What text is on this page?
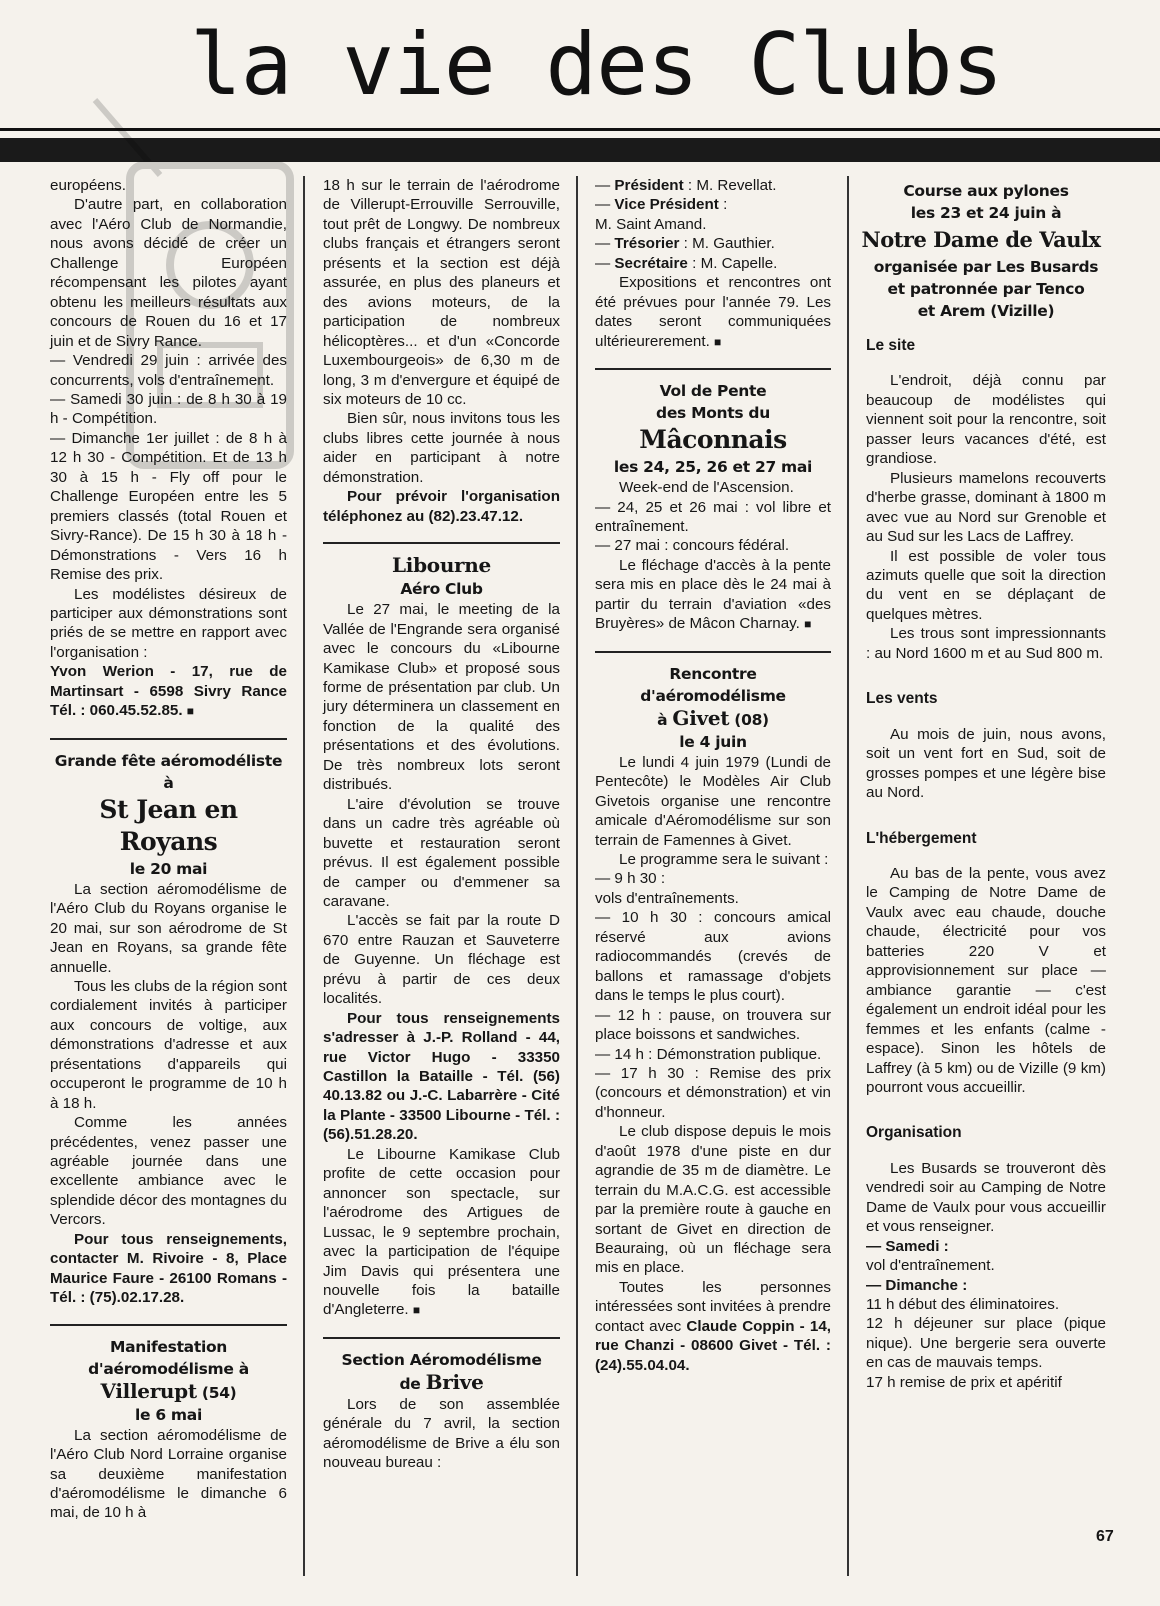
la vie des Clubs

européens.

D'autre part, en collaboration avec l'Aéro Club de Normandie, nous avons décidé de créer un Challenge Européen récompensant les pilotes ayant obtenu les meilleurs résultats aux concours de Rouen du 16 et 17 juin et de Sivry Rance.

— Vendredi 29 juin : arrivée des concurrents, vols d'entraînement.

— Samedi 30 juin : de 8 h 30 à 19 h - Compétition.

— Dimanche 1er juillet : de 8 h à 12 h 30 - Compétition. Et de 13 h 30 à 15 h - Fly off pour le Challenge Européen entre les 5 premiers classés (total Rouen et Sivry-Rance). De 15 h 30 à 18 h - Démonstrations - Vers 16 h Remise des prix.

Les modélistes désireux de participer aux démonstrations sont priés de se mettre en rapport avec l'organisation :

Yvon Werion - 17, rue de Martinsart - 6598 Sivry Rance Tél. : 060.45.52.85. ■

Grande fête aéromodéliste à
St Jean en Royans
le 20 mai

La section aéromodélisme de l'Aéro Club du Royans organise le 20 mai, sur son aérodrome de St Jean en Royans, sa grande fête annuelle.

Tous les clubs de la région sont cordialement invités à participer aux concours de voltige, aux démonstrations d'adresse et aux présentations d'appareils qui occuperont le programme de 10 h à 18 h.

Comme les années précédentes, venez passer une agréable journée dans une excellente ambiance avec le splendide décor des montagnes du Vercors.

Pour tous renseignements, contacter M. Rivoire - 8, Place Maurice Faure - 26100 Romans - Tél. : (75).02.17.28.

Manifestation
d'aéromodélisme à
Villerupt (54)
le 6 mai

La section aéromodélisme de l'Aéro Club Nord Lorraine organise sa deuxième manifestation d'aéromodélisme le dimanche 6 mai, de 10 h à

18 h sur le terrain de l'aérodrome de Villerupt-Errouville Serrouville, tout prêt de Longwy. De nombreux clubs français et étrangers seront présents et la section est déjà assurée, en plus des planeurs et des avions moteurs, de la participation de nombreux hélicoptères... et d'un «Concorde Luxembourgeois» de 6,30 m de long, 3 m d'envergure et équipé de six moteurs de 10 cc.

Bien sûr, nous invitons tous les clubs libres cette journée à nous aider en participant à notre démonstration.

Pour prévoir l'organisation téléphonez au (82).23.47.12.

Libourne
Aéro Club

Le 27 mai, le meeting de la Vallée de l'Engrande sera organisé avec le concours du «Libourne Kamikase Club» et proposé sous forme de présentation par club. Un jury déterminera un classement en fonction de la qualité des présentations et des évolutions. De très nombreux lots seront distribués.

L'aire d'évolution se trouve dans un cadre très agréable où buvette et restauration seront prévus. Il est également possible de camper ou d'emmener sa caravane.

L'accès se fait par la route D 670 entre Rauzan et Sauveterre de Guyenne. Un fléchage est prévu à partir de ces deux localités.

Pour tous renseignements s'adresser à J.-P. Rolland - 44, rue Victor Hugo - 33350 Castillon la Bataille - Tél. (56) 40.13.82 ou J.-C. Labarrère - Cité la Plante - 33500 Libourne - Tél. : (56).51.28.20.

Le Libourne Kamikase Club profite de cette occasion pour annoncer son spectacle, sur l'aérodrome des Artigues de Lussac, le 9 septembre prochain, avec la participation de l'équipe Jim Davis qui présentera une nouvelle fois la bataille d'Angleterre. ■

Section Aéromodélisme
de Brive

Lors de son assemblée générale du 7 avril, la section aéromodélisme de Brive a élu son nouveau bureau :

— Président : M. Revellat.

— Vice Président :

M. Saint Amand.

— Trésorier : M. Gauthier.

— Secrétaire : M. Capelle.

Expositions et rencontres ont été prévues pour l'année 79. Les dates seront communiquées ultérieurerement. ■

Vol de Pente
des Monts du
Mâconnais
les 24, 25, 26 et 27 mai

Week-end de l'Ascension.

— 24, 25 et 26 mai : vol libre et entraînement.

— 27 mai : concours fédéral.

Le fléchage d'accès à la pente sera mis en place dès le 24 mai à partir du terrain d'aviation «des Bruyères» de Mâcon Charnay. ■

Rencontre d'aéromodélisme
à Givet (08)
le 4 juin

Le lundi 4 juin 1979 (Lundi de Pentecôte) le Modèles Air Club Givetois organise une rencontre amicale d'Aéromodélisme sur son terrain de Famennes à Givet.

Le programme sera le suivant :

— 9 h 30 :

vols d'entraînements.

— 10 h 30 : concours amical réservé aux avions radiocommandés (crevés de ballons et ramassage d'objets dans le temps le plus court).

— 12 h : pause, on trouvera sur place boissons et sandwiches.

— 14 h : Démonstration publique.

— 17 h 30 : Remise des prix (concours et démonstration) et vin d'honneur.

Le club dispose depuis le mois d'août 1978 d'une piste en dur agrandie de 35 m de diamètre. Le terrain du M.A.C.G. est accessible par la première route à gauche en sortant de Givet en direction de Beauraing, où un fléchage sera mis en place.

Toutes les personnes intéressées sont invitées à prendre contact avec Claude Coppin - 14, rue Chanzi - 08600 Givet - Tél. : (24).55.04.04.

Course aux pylones
les 23 et 24 juin à
Notre Dame de Vaulx
organisée par Les Busards
et patronnée par Tenco
et Arem (Vizille)
Le site

L'endroit, déjà connu par beaucoup de modélistes qui viennent soit pour la rencontre, soit passer leurs vacances d'été, est grandiose.

Plusieurs mamelons recouverts d'herbe grasse, dominant à 1800 m avec vue au Nord sur Grenoble et au Sud sur les Lacs de Laffrey.

Il est possible de voler tous azimuts quelle que soit la direction du vent en se déplaçant de quelques mètres.

Les trous sont impressionnants : au Nord 1600 m et au Sud 800 m.

Les vents

Au mois de juin, nous avons, soit un vent fort en Sud, soit de grosses pompes et une légère bise au Nord.

L'hébergement

Au bas de la pente, vous avez le Camping de Notre Dame de Vaulx avec eau chaude, douche chaude, électricité pour vos batteries 220 V et approvisionnement sur place — ambiance garantie — c'est également un endroit idéal pour les femmes et les enfants (calme - espace). Sinon les hôtels de Laffrey (à 5 km) ou de Vizille (9 km) pourront vous accueillir.

Organisation

Les Busards se trouveront dès vendredi soir au Camping de Notre Dame de Vaulx pour vous accueillir et vous renseigner.

— Samedi :

vol d'entraînement.

— Dimanche :

11 h début des éliminatoires.

12 h déjeuner sur place (pique nique). Une bergerie sera ouverte en cas de mauvais temps.

17 h remise de prix et apéritif

67
